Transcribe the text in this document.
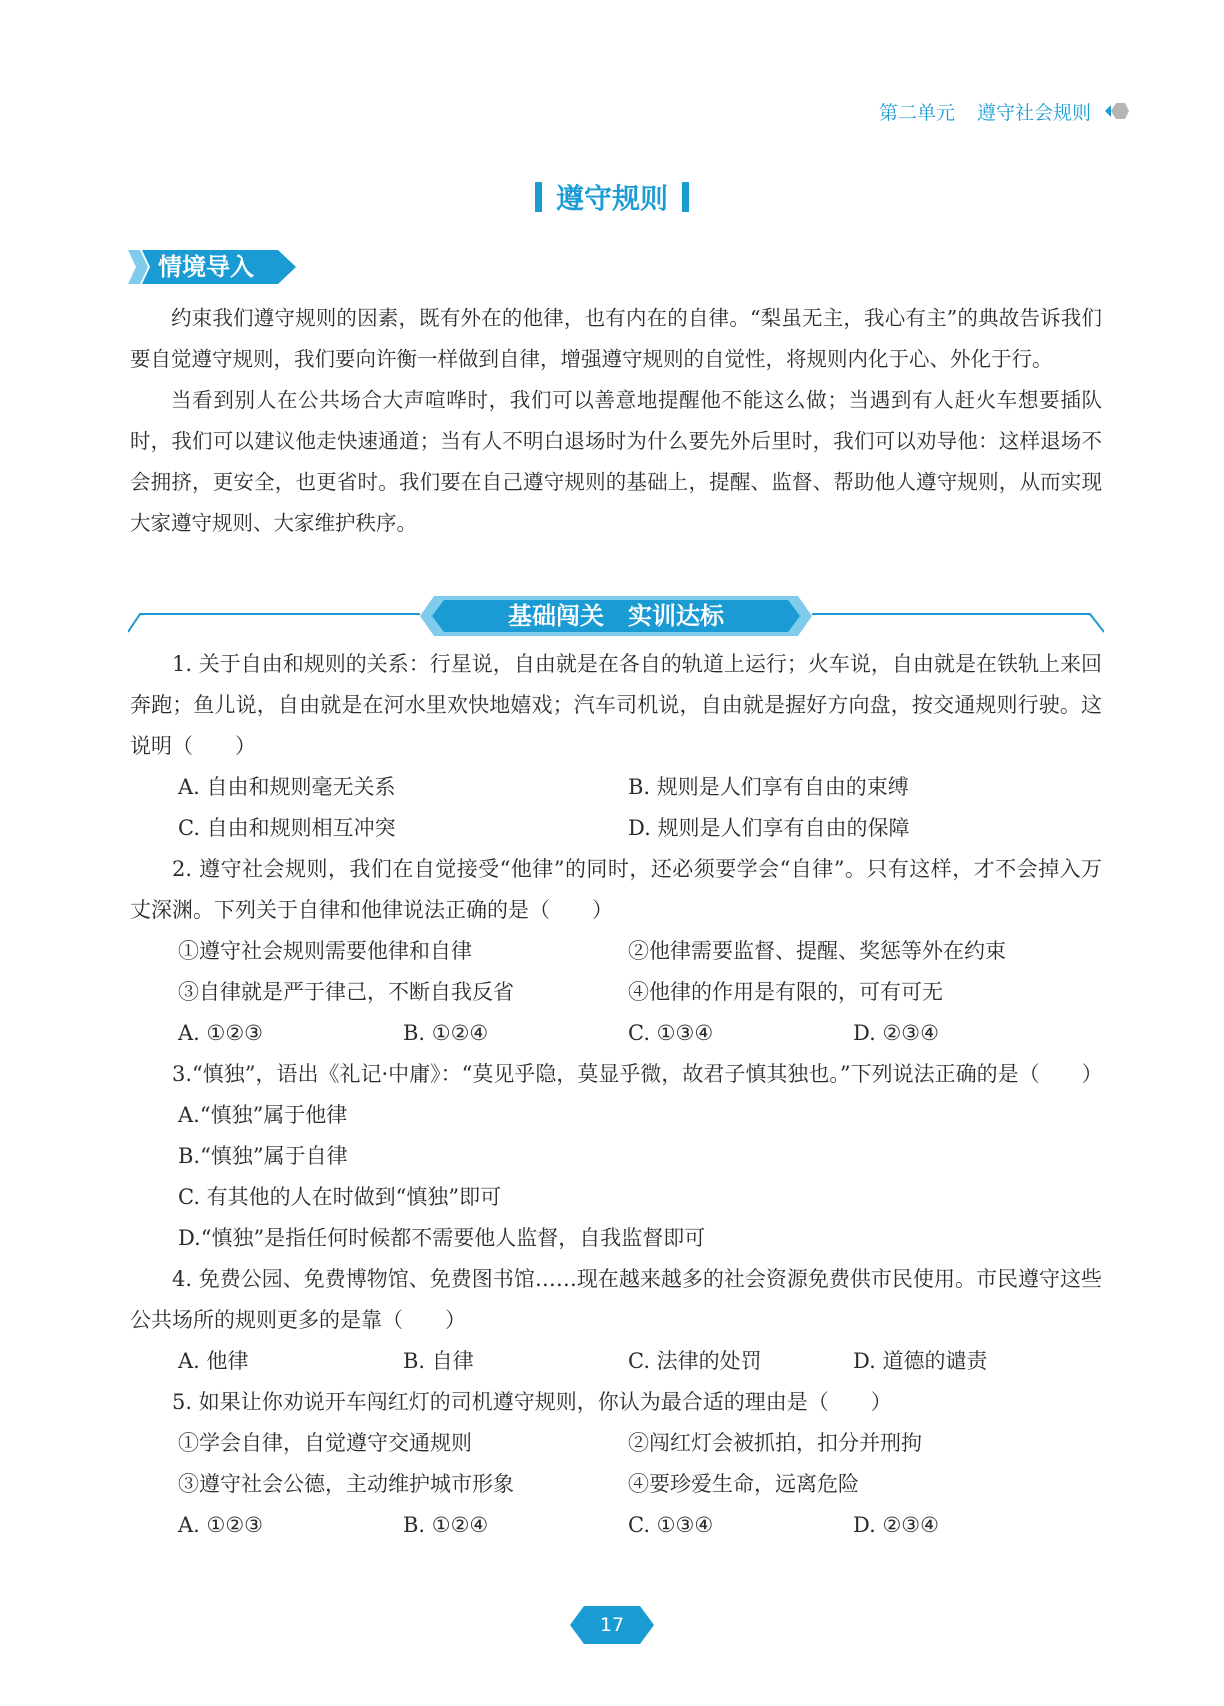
第二单元 遵守社会规则
遵守规则
情境导入

约束我们遵守规则的因素，既有外在的他律，也有内在的自律。“梨虽无主，我心有主”的典故告诉我们要自觉遵守规则，我们要向许衡一样做到自律，增强遵守规则的自觉性，将规则内化于心、外化于行。

当看到别人在公共场合大声喧哗时，我们可以善意地提醒他不能这么做；当遇到有人赶火车想要插队时，我们可以建议他走快速通道；当有人不明白退场时为什么要先外后里时，我们可以劝导他：这样退场不会拥挤，更安全，也更省时。我们要在自己遵守规则的基础上，提醒、监督、帮助他人遵守规则，从而实现大家遵守规则、大家维护秩序。

基础闯关　实训达标

1. 关于自由和规则的关系：行星说，自由就是在各自的轨道上运行；火车说，自由就是在铁轨上来回奔跑；鱼儿说，自由就是在河水里欢快地嬉戏；汽车司机说，自由就是握好方向盘，按交通规则行驶。这说明（　　）

A. 自由和规则毫无关系	B. 规则是人们享有自由的束缚
C. 自由和规则相互冲突	D. 规则是人们享有自由的保障

2. 遵守社会规则，我们在自觉接受“他律”的同时，还必须要学会“自律”。只有这样，才不会掉入万丈深渊。下列关于自律和他律说法正确的是（　　）

①遵守社会规则需要他律和自律	②他律需要监督、提醒、奖惩等外在约束
③自律就是严于律己，不断自我反省	④他律的作用是有限的，可有可无
A. ①②③	B. ①②④	C. ①③④	D. ②③④

3.“慎独”，语出《礼记·中庸》：“莫见乎隐，莫显乎微，故君子慎其独也。”下列说法正确的是（　　）

A.“慎独”属于他律
B.“慎独”属于自律
C. 有其他的人在时做到“慎独”即可
D.“慎独”是指任何时候都不需要他人监督，自我监督即可

4. 免费公园、免费博物馆、免费图书馆……现在越来越多的社会资源免费供市民使用。市民遵守这些公共场所的规则更多的是靠（　　）

A. 他律	B. 自律	C. 法律的处罚	D. 道德的谴责

5. 如果让你劝说开车闯红灯的司机遵守规则，你认为最合适的理由是（　　）

①学会自律，自觉遵守交通规则	②闯红灯会被抓拍，扣分并刑拘
③遵守社会公德，主动维护城市形象	④要珍爱生命，远离危险
A. ①②③	B. ①②④	C. ①③④	D. ②③④
17
